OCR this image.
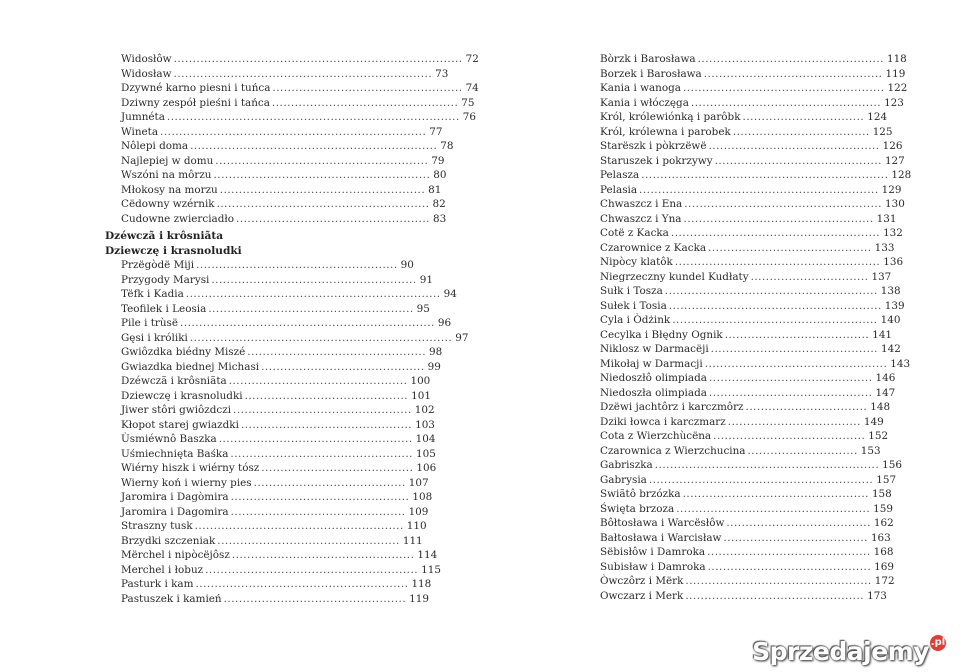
Widosłôw ............................................................................ 72
Widosław .................................................................... 73
Dzywné karno piesni i tuńca .................................................. 74
Dziwny zespół pieśni i tańca ................................................. 75
Jumnéta ............................................................................. 76
Wineta ...................................................................... 77
Nôlepi doma ................................................................. 78
Najlepiej w domu ........................................................ 79
Wszóni na môrzu ......................................................... 80
Młokosy na morzu ...................................................... 81
Cëdowny wzérnik ........................................................ 82
Cudowne zwierciadło ................................................... 83
Dzéwczã i krôsniãta
Dziewczę i krasnoludki
Przëgòdë Miji ..................................................... 90
Przygody Marysi ...................................................... 91
Tëfk i Kadia ................................................................... 94
Teofilek i Leosia ...................................................... 95
Pile i trùsë ................................................................... 96
Gęsi i króliki ..................................................................... 97
Gwiôzdka biédny Miszé ............................................... 98
Gwiazdka biednej Michasi ........................................... 99
Dzéwczã i krôsniãta ............................................... 100
Dziewczę i krasnoludki ........................................... 101
Jiwer stôri gwiôzdczi ............................................... 102
Kłopot starej gwiazdki ............................................. 103
Ùsmiéwnô Baszka ................................................... 104
Uśmiechnięta Baśka ................................................ 105
Wiérny hiszk i wiérny tósz ........................................ 106
Wierny koń i wierny pies ........................................ 107
Jaromira i Dagòmira ............................................... 108
Jaromira i Dagomira .............................................. 109
Straszny tusk ....................................................... 110
Brzydki szczeniak ................................................ 111
Mërchel i nipòcëjôsz ................................................ 114
Merchel i łobuz ........................................................ 115
Pasturk i kam ........................................................ 118
Pastuszek i kamień ................................................ 119
Bòrzk i Barosława ................................................. 118
Borzek i Barosława ............................................... 119
Kania i wanoga ..................................................... 122
Kania i włóczęga .................................................. 123
Król, królewiónką i parôbk ................................ 124
Król, królewna i parobek .................................... 125
Starëszk i pòkrzëwë ............................................. 126
Staruszek i pokrzywy ............................................ 127
Pelasza ................................................................. 128
Pelasia ............................................................... 129
Chwaszcz i Ena .................................................... 130
Chwaszcz i Yna .................................................. 131
Cotë z Kacka ....................................................... 132
Czarownice z Kacka ........................................... 133
Nipòcy klatôk ...................................................... 136
Niegrzeczny kundel Kudłaty ............................... 137
Sułk i Tosza ........................................................ 138
Sułek i Tosia ........................................................ 139
Cyla i Òdżink ...................................................... 140
Cecylka i Błędny Ognik ...................................... 141
Niklosz w Darmacëji ............................................ 142
Mikołaj w Darmacji ................................................ 143
Niedoszłô olimpiada ........................................... 146
Niedoszła olimpiada ........................................... 147
Dzëwi jachtôrz i karczmôrz ................................ 148
Dziki łowca i karczmarz ................................... 149
Cota z Wierzchùcëna ........................................ 152
Czarownica z Wierzchucina ............................. 153
Gabriszka ........................................................... 156
Gabrysia ........................................................... 157
Swiãtô brzózka ................................................. 158
Święta brzoza ................................................... 159
Bôłtosława i Warcësłôw ...................................... 162
Bałtosława i Warcisław ...................................... 163
Sëbisłôw i Damroka ........................................... 168
Subisław i Damroka ........................................... 169
Òwczôrz i Mërk ................................................. 172
Owczarz i Merk ............................................... 173
Sprzedajemy .pl
